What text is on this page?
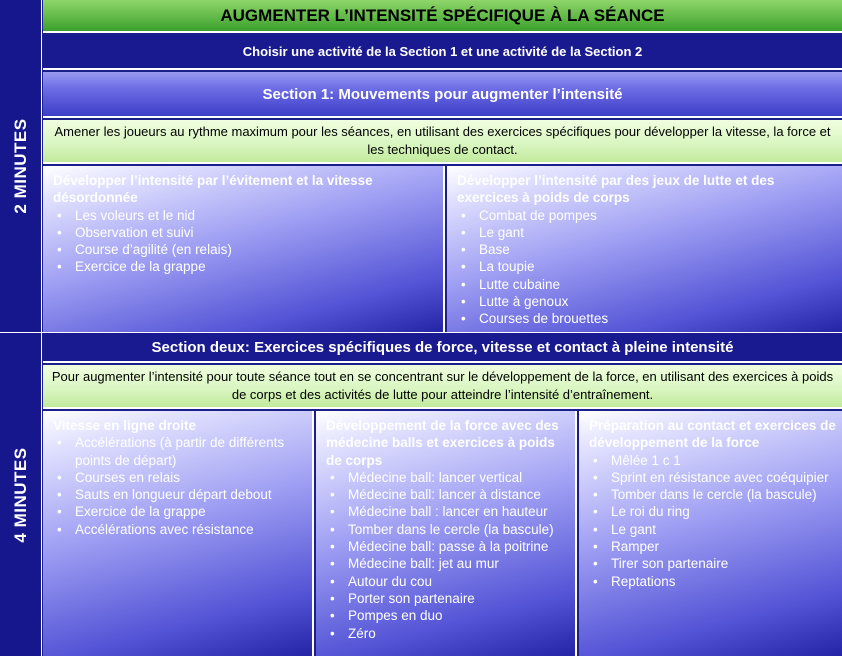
2 MINUTES
4 MINUTES
AUGMENTER L’INTENSITÉ SPÉCIFIQUE À LA SÉANCE
Choisir une activité de la Section 1 et une activité de la Section 2
Section 1: Mouvements pour augmenter l’intensité
Amener les joueurs au rythme maximum pour les séances, en utilisant des exercices spécifiques pour développer la vitesse, la force et les techniques de contact.
Développer l’intensité par l’évitement et la vitesse désordonnée
• Les voleurs et le nid
• Observation et suivi
• Course d’agilité (en relais)
• Exercice de la grappe
Développer l’intensité par des jeux de lutte et des exercices à poids de corps
• Combat de pompes
• Le gant
• Base
• La toupie
• Lutte cubaine
• Lutte à genoux
• Courses de brouettes
Section deux: Exercices spécifiques de force, vitesse et contact à pleine intensité
Pour augmenter l’intensité pour toute séance tout en se concentrant sur le développement de la force, en utilisant des exercices à poids de corps et des activités de lutte pour atteindre l’intensité d’entraînement.
Vitesse en ligne droite
• Accélérations (à partir de différents points de départ)
• Courses en relais
• Sauts en longueur départ debout
• Exercice de la grappe
• Accélérations avec résistance
Développement de la force avec des médecine balls et exercices à poids de corps
• Médecine ball: lancer vertical
• Médecine ball: lancer à distance
• Médecine ball : lancer en hauteur
• Tomber dans le cercle (la bascule)
• Médecine ball: passe à la poitrine
• Médecine ball: jet au mur
• Autour du cou
• Porter son partenaire
• Pompes en duo
• Zéro
Préparation au contact et exercices de développement de la force
• Mêlée 1 c 1
• Sprint en résistance avec coéquipier
• Tomber dans le cercle (la bascule)
• Le roi du ring
• Le gant
• Ramper
• Tirer son partenaire
• Reptations
